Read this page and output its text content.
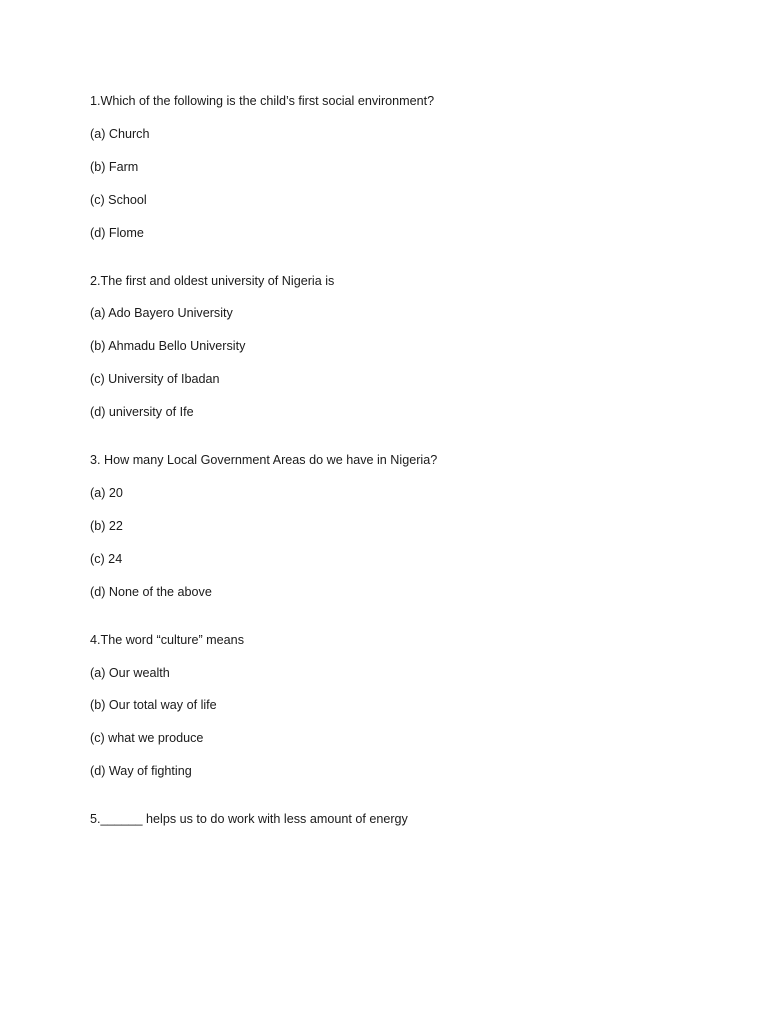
1.Which of the following is the child’s first social environment?
(a) Church
(b) Farm
(c) School
(d) Flome
2.The first and oldest university of Nigeria is
(a) Ado Bayero University
(b) Ahmadu Bello University
(c) University of Ibadan
(d) university of Ife
3. How many Local Government Areas do we have in Nigeria?
(a) 20
(b) 22
(c) 24
(d) None of the above
4.The word “culture” means
(a) Our wealth
(b) Our total way of life
(c) what we produce
(d) Way of fighting
5.______ helps us to do work with less amount of energy
